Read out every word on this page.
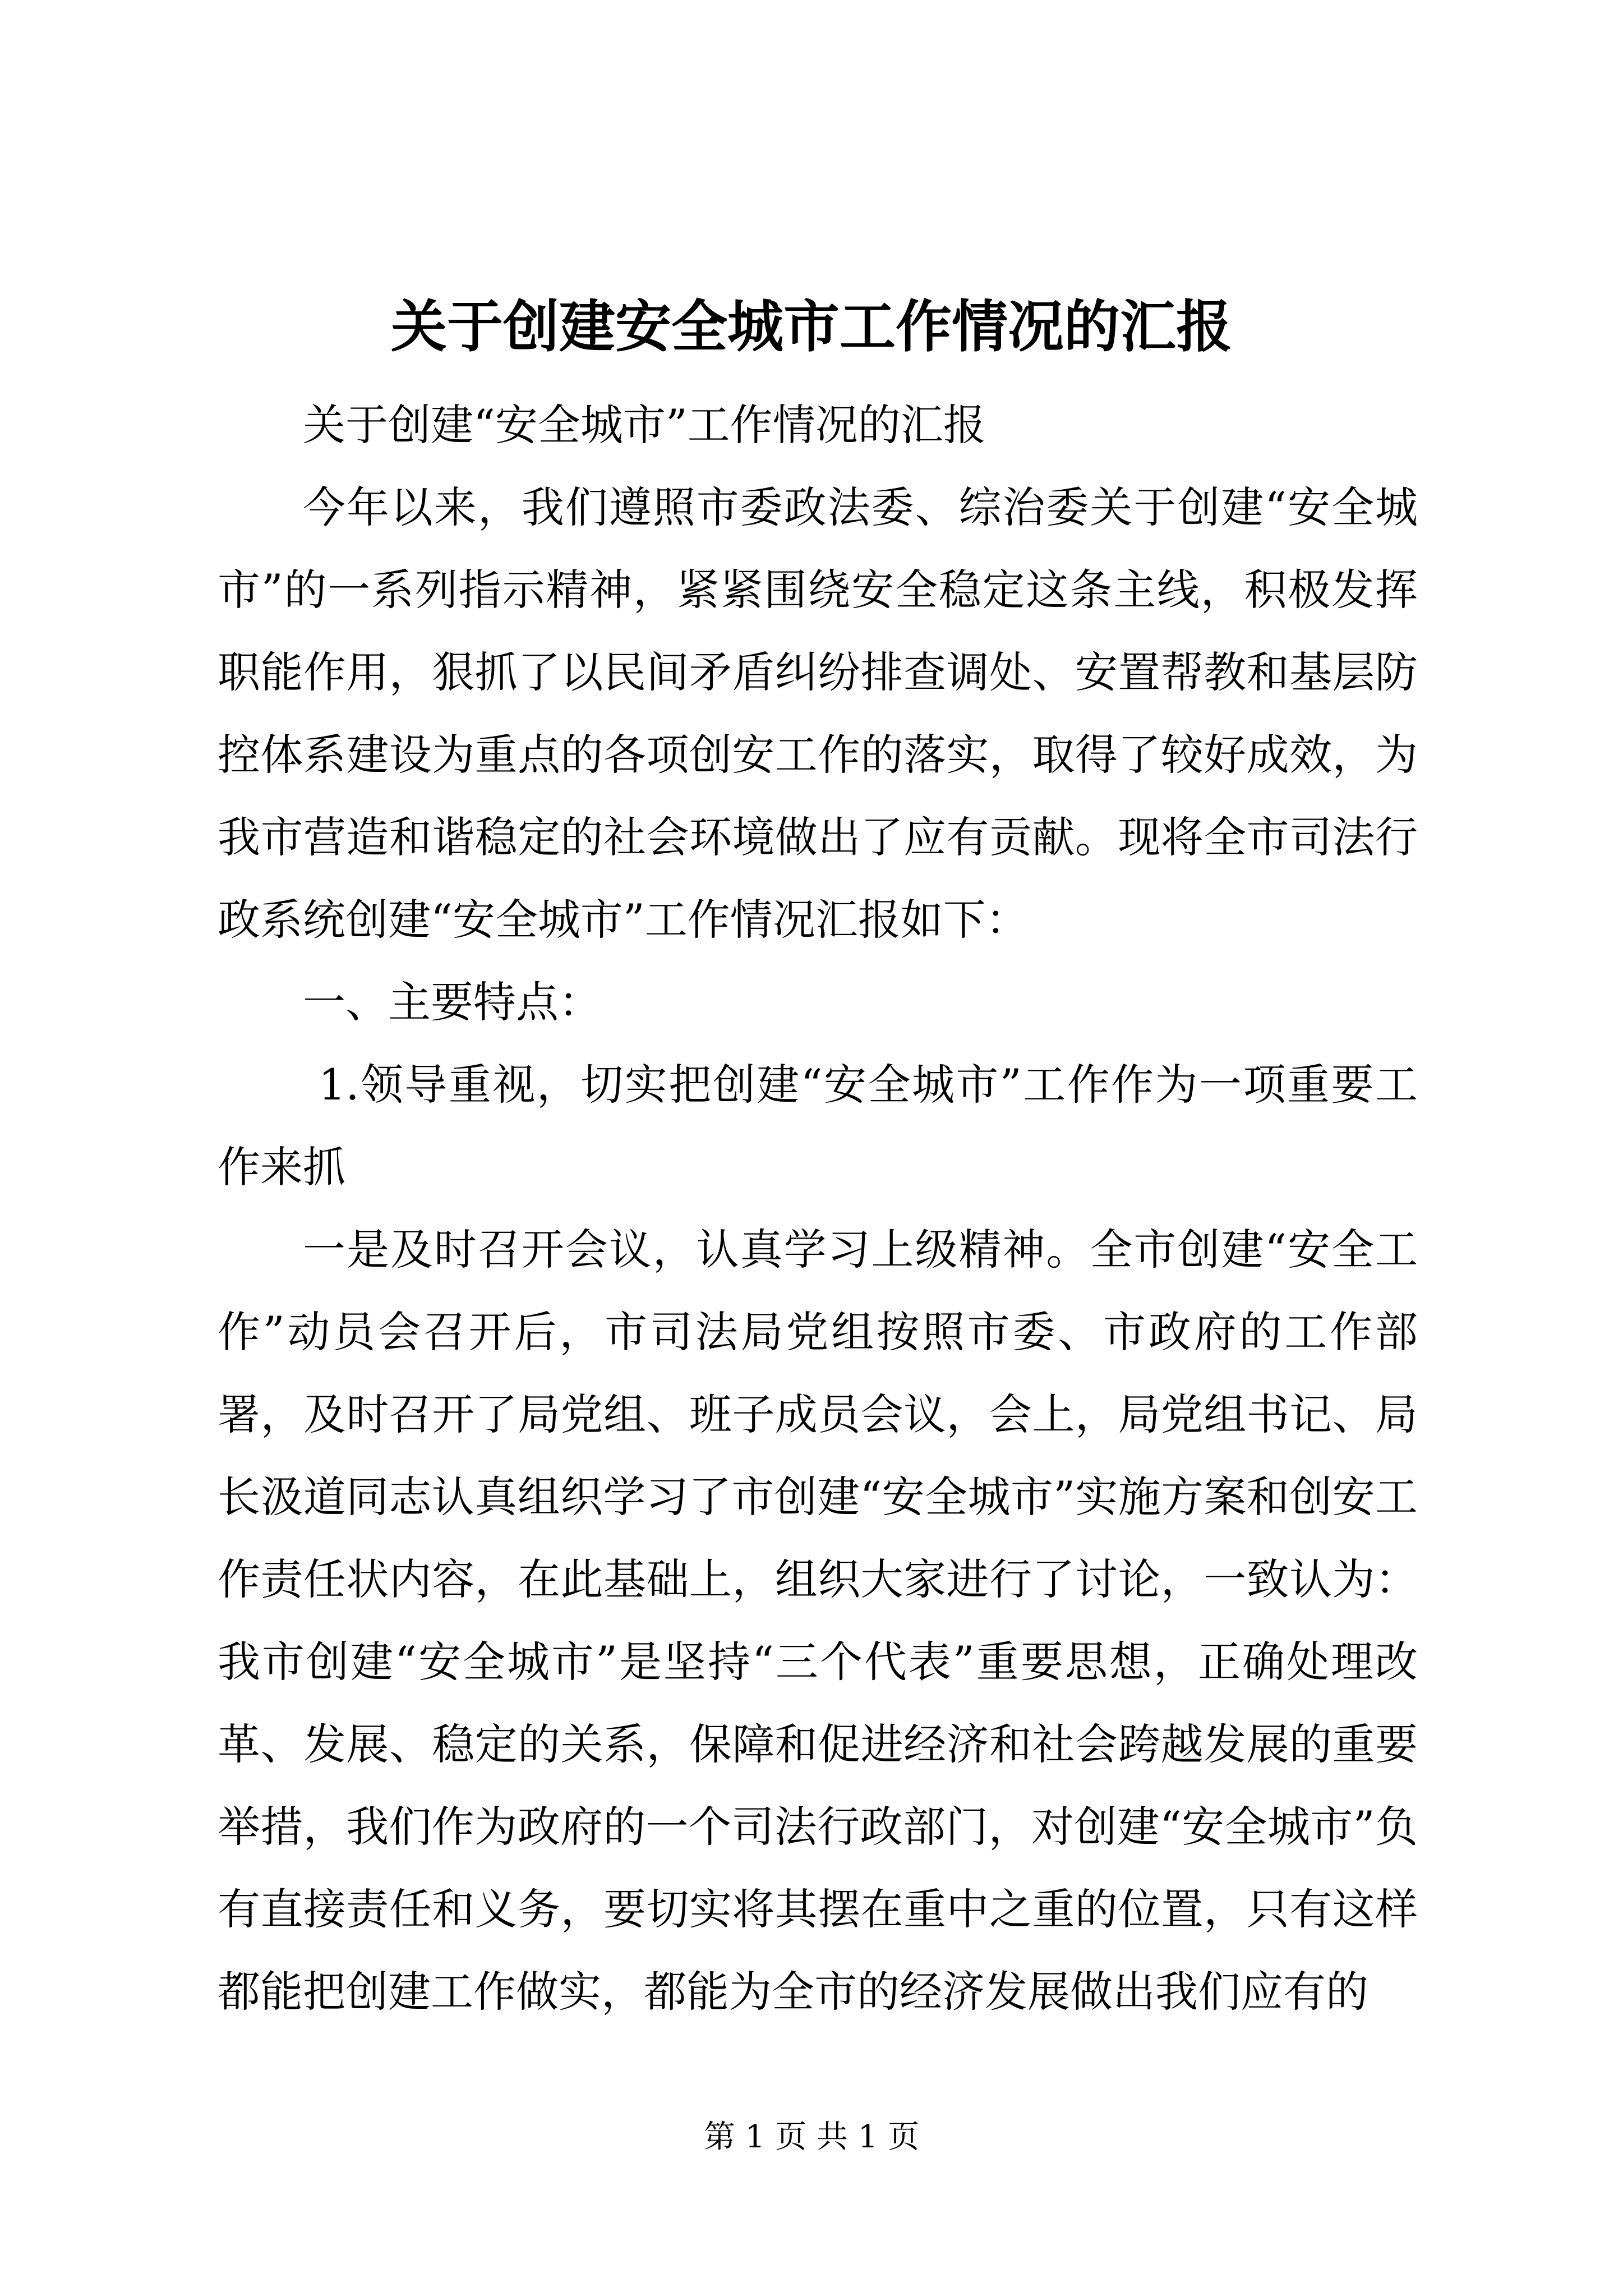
关于创建安全城市工作情况的汇报

关于创建“安全城市”工作情况的汇报

今年以来，我们遵照市委政法委、综治委关于创建“安全城市”的一系列指示精神，紧紧围绕安全稳定这条主线，积极发挥职能作用，狠抓了以民间矛盾纠纷排查调处、安置帮教和基层防控体系建设为重点的各项创安工作的落实，取得了较好成效，为我市营造和谐稳定的社会环境做出了应有贡献。现将全市司法行政系统创建“安全城市”工作情况汇报如下：

一、主要特点：

1.领导重视，切实把创建“安全城市”工作作为一项重要工作来抓

一是及时召开会议，认真学习上级精神。全市创建“安全工作”动员会召开后，市司法局党组按照市委、市政府的工作部署，及时召开了局党组、班子成员会议，会上，局党组书记、局长汲道同志认真组织学习了市创建“安全城市”实施方案和创安工作责任状内容，在此基础上，组织大家进行了讨论，一致认为：我市创建“安全城市”是坚持“三个代表”重要思想，正确处理改革、发展、稳定的关系，保障和促进经济和社会跨越发展的重要举措，我们作为政府的一个司法行政部门，对创建“安全城市”负有直接责任和义务，要切实将其摆在重中之重的位置，只有这样都能把创建工作做实，都能为全市的经济发展做出我们应有的

第 1 页 共 1 页
